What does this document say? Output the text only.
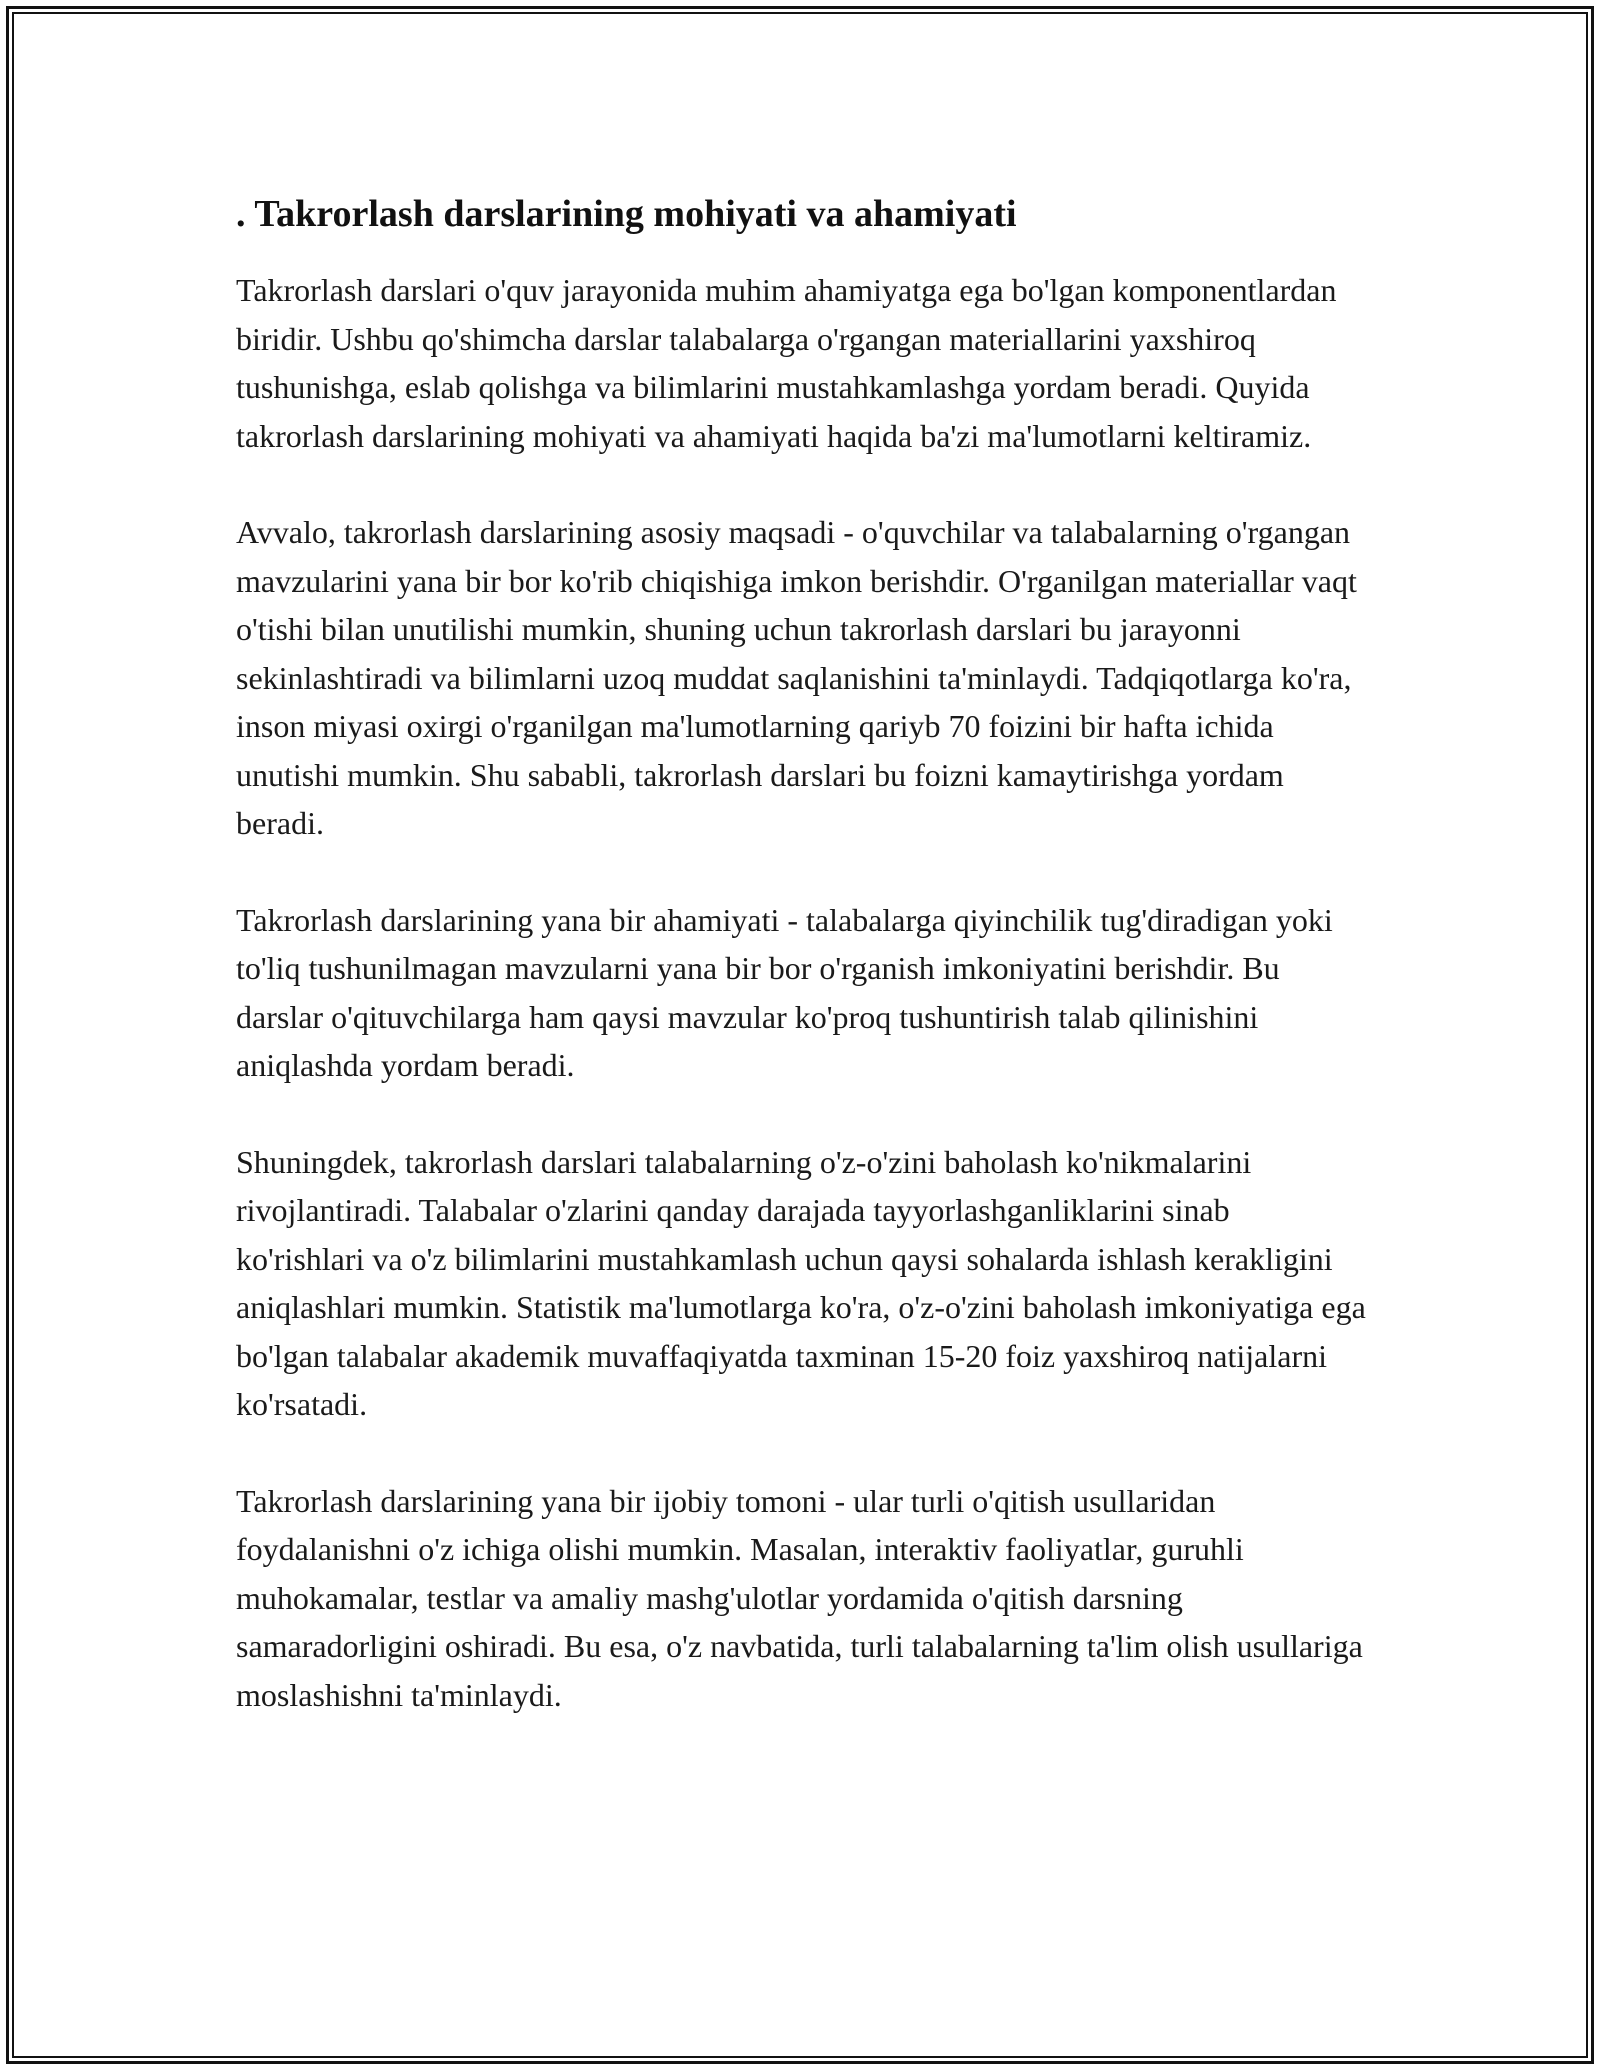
. Takrorlash darslarining mohiyati va ahamiyati

Takrorlash darslari o'quv jarayonida muhim ahamiyatga ega bo'lgan komponentlardan biridir. Ushbu qo'shimcha darslar talabalarga o'rgangan materiallarini yaxshiroq tushunishga, eslab qolishga va bilimlarini mustahkamlashga yordam beradi. Quyida takrorlash darslarining mohiyati va ahamiyati haqida ba'zi ma'lumotlarni keltiramiz.

Avvalo, takrorlash darslarining asosiy maqsadi - o'quvchilar va talabalarning o'rgangan mavzularini yana bir bor ko'rib chiqishiga imkon berishdir. O'rganilgan materiallar vaqt o'tishi bilan unutilishi mumkin, shuning uchun takrorlash darslari bu jarayonni sekinlashtiradi va bilimlarni uzoq muddat saqlanishini ta'minlaydi. Tadqiqotlarga ko'ra, inson miyasi oxirgi o'rganilgan ma'lumotlarning qariyb 70 foizini bir hafta ichida unutishi mumkin. Shu sababli, takrorlash darslari bu foizni kamaytirishga yordam beradi.

Takrorlash darslarining yana bir ahamiyati - talabalarga qiyinchilik tug'diradigan yoki to'liq tushunilmagan mavzularni yana bir bor o'rganish imkoniyatini berishdir. Bu darslar o'qituvchilarga ham qaysi mavzular ko'proq tushuntirish talab qilinishini aniqlashda yordam beradi.

Shuningdek, takrorlash darslari talabalarning o'z-o'zini baholash ko'nikmalarini rivojlantiradi. Talabalar o'zlarini qanday darajada tayyorlashganliklarini sinab ko'rishlari va o'z bilimlarini mustahkamlash uchun qaysi sohalarda ishlash kerakligini aniqlashlari mumkin. Statistik ma'lumotlarga ko'ra, o'z-o'zini baholash imkoniyatiga ega bo'lgan talabalar akademik muvaffaqiyatda taxminan 15-20 foiz yaxshiroq natijalarni ko'rsatadi.

Takrorlash darslarining yana bir ijobiy tomoni - ular turli o'qitish usullaridan foydalanishni o'z ichiga olishi mumkin. Masalan, interaktiv faoliyatlar, guruhli muhokamalar, testlar va amaliy mashg'ulotlar yordamida o'qitish darsning samaradorligini oshiradi. Bu esa, o'z navbatida, turli talabalarning ta'lim olish usullariga moslashishni ta'minlaydi.
